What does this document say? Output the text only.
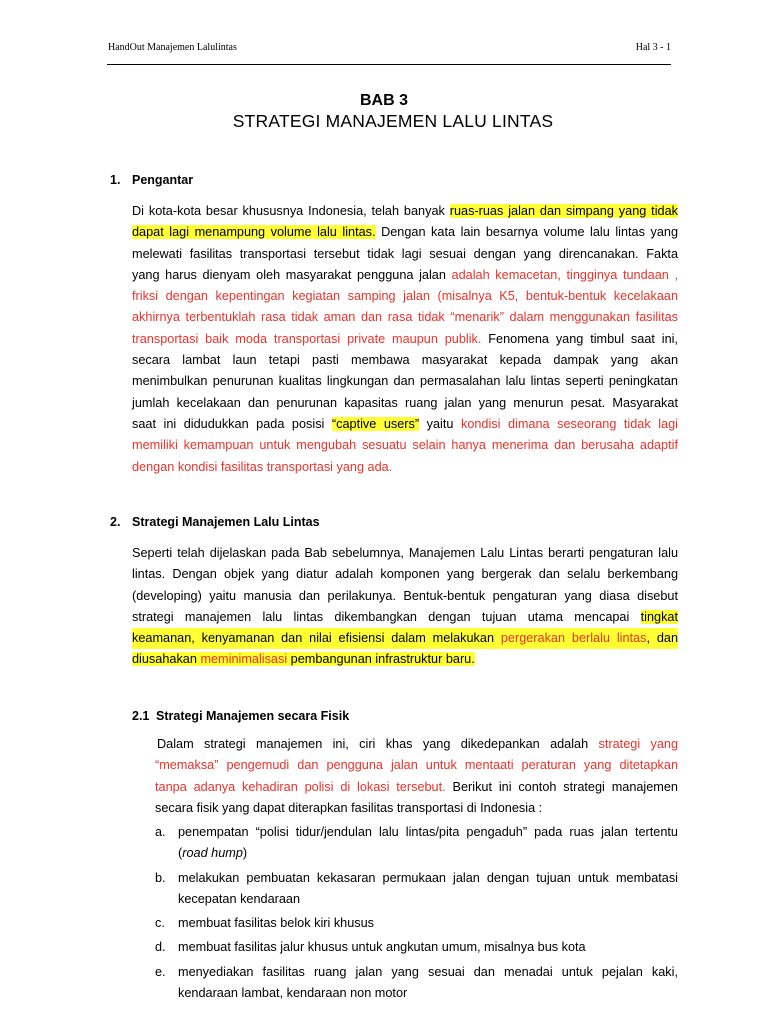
HandOut Manajemen Lalulintas	Hal 3 - 1
BAB 3
STRATEGI MANAJEMEN LALU LINTAS
1. Pengantar
Di kota-kota besar khususnya Indonesia, telah banyak ruas-ruas jalan dan simpang yang tidak
dapat lagi menampung volume lalu lintas. Dengan kata lain besarnya volume lalu lintas yang
melewati fasilitas transportasi tersebut tidak lagi sesuai dengan yang direncanakan. Fakta
yang harus dienyam oleh masyarakat pengguna jalan adalah kemacetan, tingginya tundaan ,
friksi dengan kepentingan kegiatan samping jalan (misalnya K5, bentuk-bentuk kecelakaan
akhirnya terbentuklah rasa tidak aman dan rasa tidak “menarik” dalam menggunakan fasilitas
transportasi baik moda transportasi private maupun publik. Fenomena yang timbul saat ini,
secara lambat laun tetapi pasti membawa masyarakat kepada dampak yang akan
menimbulkan penurunan kualitas lingkungan dan permasalahan lalu lintas seperti peningkatan
jumlah kecelakaan dan penurunan kapasitas ruang jalan yang menurun pesat. Masyarakat
saat ini didudukkan pada posisi “captive users” yaitu kondisi dimana seseorang tidak lagi
memiliki kemampuan untuk mengubah sesuatu selain hanya menerima dan berusaha adaptif
dengan kondisi fasilitas transportasi yang ada.
2. Strategi Manajemen Lalu Lintas
Seperti telah dijelaskan pada Bab sebelumnya, Manajemen Lalu Lintas berarti pengaturan lalu
lintas. Dengan objek yang diatur adalah komponen yang bergerak dan selalu berkembang
(developing) yaitu manusia dan perilakunya. Bentuk-bentuk pengaturan yang diasa disebut
strategi manajemen lalu lintas dikembangkan dengan tujuan utama mencapai tingkat
keamanan, kenyamanan dan nilai efisiensi dalam melakukan pergerakan berlalu lintas, dan
diusahakan meminimalisasi pembangunan infrastruktur baru.
2.1 Strategi Manajemen secara Fisik
Dalam strategi manajemen ini, ciri khas yang dikedepankan adalah strategi yang
“memaksa” pengemudi dan pengguna jalan untuk mentaati peraturan yang ditetapkan
tanpa adanya kehadiran polisi di lokasi tersebut. Berikut ini contoh strategi manajemen
secara fisik yang dapat diterapkan fasilitas transportasi di Indonesia :
a. penempatan “polisi tidur/jendulan lalu lintas/pita pengaduh” pada ruas jalan tertentu
(road hump)
b. melakukan pembuatan kekasaran permukaan jalan dengan tujuan untuk membatasi
kecepatan kendaraan
c. membuat fasilitas belok kiri khusus
d. membuat fasilitas jalur khusus untuk angkutan umum, misalnya bus kota
e. menyediakan fasilitas ruang jalan yang sesuai dan menadai untuk pejalan kaki,
kendaraan lambat, kendaraan non motor
